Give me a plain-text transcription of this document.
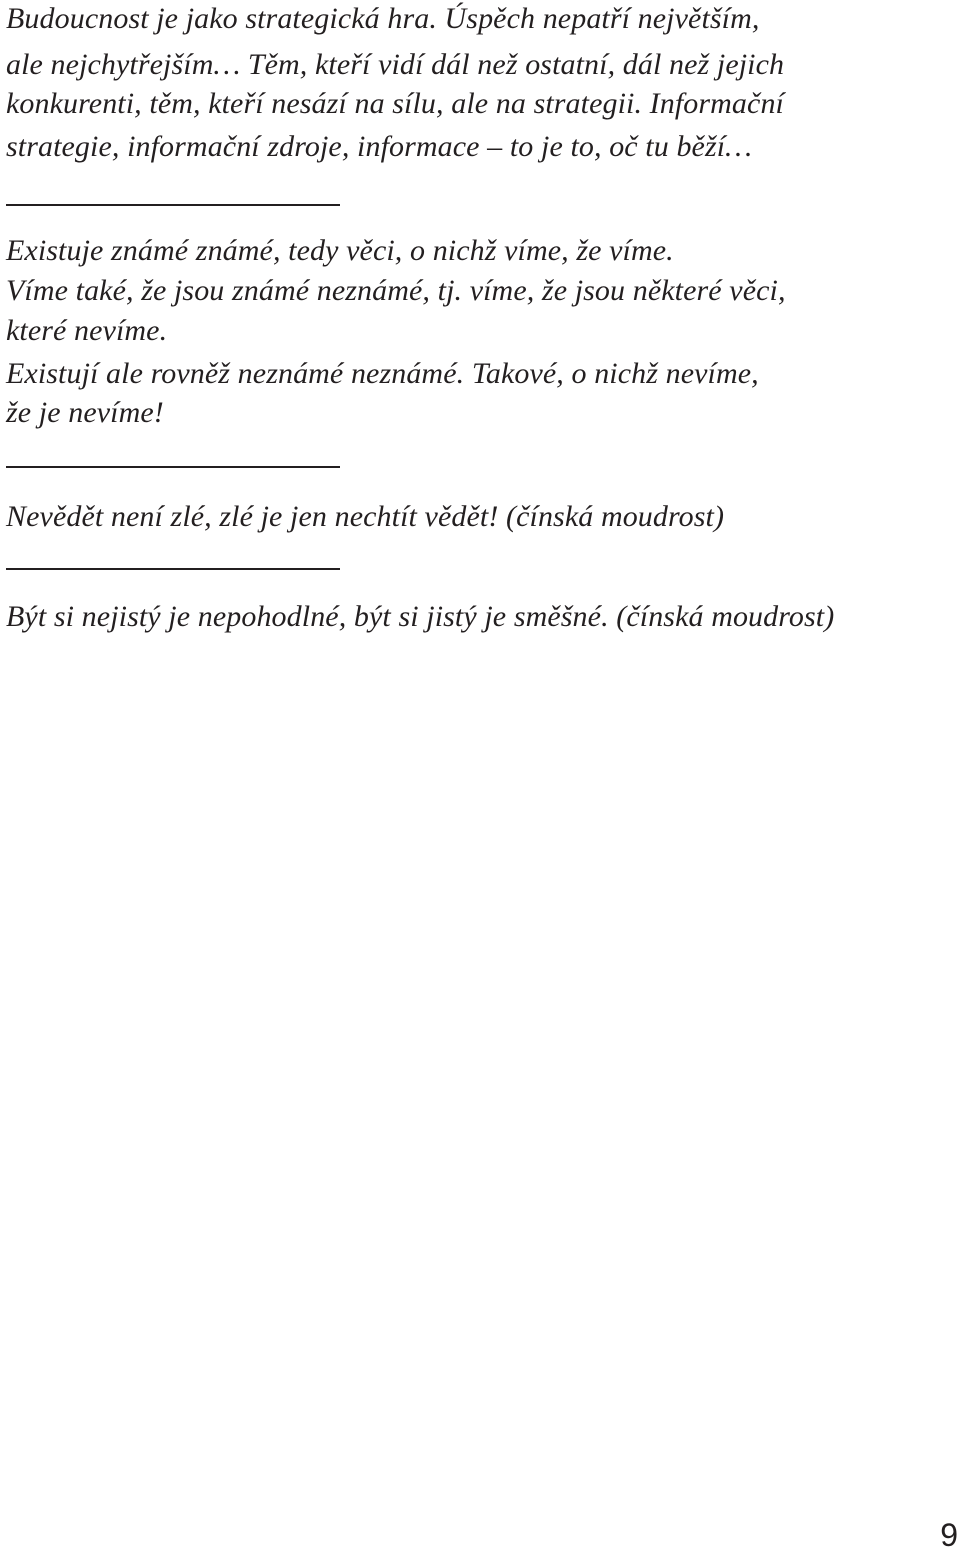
Budoucnost je jako strategická hra. Úspěch nepatří největším,
ale nejchytřejším… Těm, kteří vidí dál než ostatní, dál než jejich
konkurenti, těm, kteří nesází na sílu, ale na strategii. Informační
strategie, informační zdroje, informace – to je to, oč tu běží…
Existuje známé známé, tedy věci, o nichž víme, že víme.
Víme také, že jsou známé neznámé, tj. víme, že jsou některé věci,
které nevíme.
Existují ale rovněž neznámé neznámé. Takové, o nichž nevíme,
že je nevíme!
Nevědět není zlé, zlé je jen nechtít vědět! (čínská moudrost)
Být si nejistý je nepohodlné, být si jistý je směšné. (čínská moudrost)
9
